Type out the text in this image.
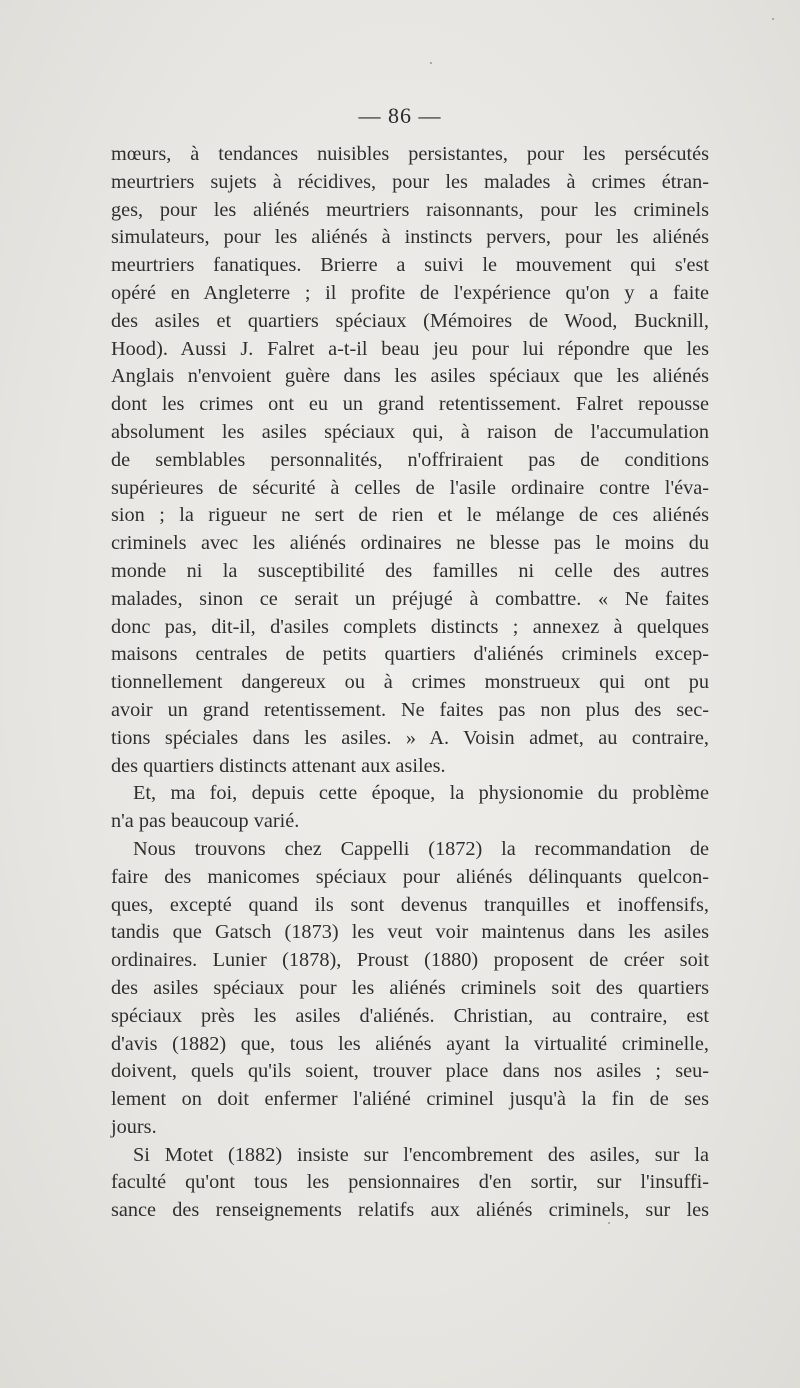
— 86 —
mœurs, à tendances nuisibles persistantes, pour les persécutés
meurtriers sujets à récidives, pour les malades à crimes étran-
ges, pour les aliénés meurtriers raisonnants, pour les criminels
simulateurs, pour les aliénés à instincts pervers, pour les aliénés
meurtriers fanatiques. Brierre a suivi le mouvement qui s'est
opéré en Angleterre ; il profite de l'expérience qu'on y a faite
des asiles et quartiers spéciaux (Mémoires de Wood, Bucknill,
Hood). Aussi J. Falret a-t-il beau jeu pour lui répondre que les
Anglais n'envoient guère dans les asiles spéciaux que les aliénés
dont les crimes ont eu un grand retentissement. Falret repousse
absolument les asiles spéciaux qui, à raison de l'accumulation
de semblables personnalités, n'offriraient pas de conditions
supérieures de sécurité à celles de l'asile ordinaire contre l'éva-
sion ; la rigueur ne sert de rien et le mélange de ces aliénés
criminels avec les aliénés ordinaires ne blesse pas le moins du
monde ni la susceptibilité des familles ni celle des autres
malades, sinon ce serait un préjugé à combattre. « Ne faites
donc pas, dit-il, d'asiles complets distincts ; annexez à quelques
maisons centrales de petits quartiers d'aliénés criminels excep-
tionnellement dangereux ou à crimes monstrueux qui ont pu
avoir un grand retentissement. Ne faites pas non plus des sec-
tions spéciales dans les asiles. » A. Voisin admet, au contraire,
des quartiers distincts attenant aux asiles.
Et, ma foi, depuis cette époque, la physionomie du problème
n'a pas beaucoup varié.
Nous trouvons chez Cappelli (1872) la recommandation de
faire des manicomes spéciaux pour aliénés délinquants quelcon-
ques, excepté quand ils sont devenus tranquilles et inoffensifs,
tandis que Gatsch (1873) les veut voir maintenus dans les asiles
ordinaires. Lunier (1878), Proust (1880) proposent de créer soit
des asiles spéciaux pour les aliénés criminels soit des quartiers
spéciaux près les asiles d'aliénés. Christian, au contraire, est
d'avis (1882) que, tous les aliénés ayant la virtualité criminelle,
doivent, quels qu'ils soient, trouver place dans nos asiles ; seu-
lement on doit enfermer l'aliéné criminel jusqu'à la fin de ses
jours.
Si Motet (1882) insiste sur l'encombrement des asiles, sur la
faculté qu'ont tous les pensionnaires d'en sortir, sur l'insuffi-
sance des renseignements relatifs aux aliénés criminels, sur les
